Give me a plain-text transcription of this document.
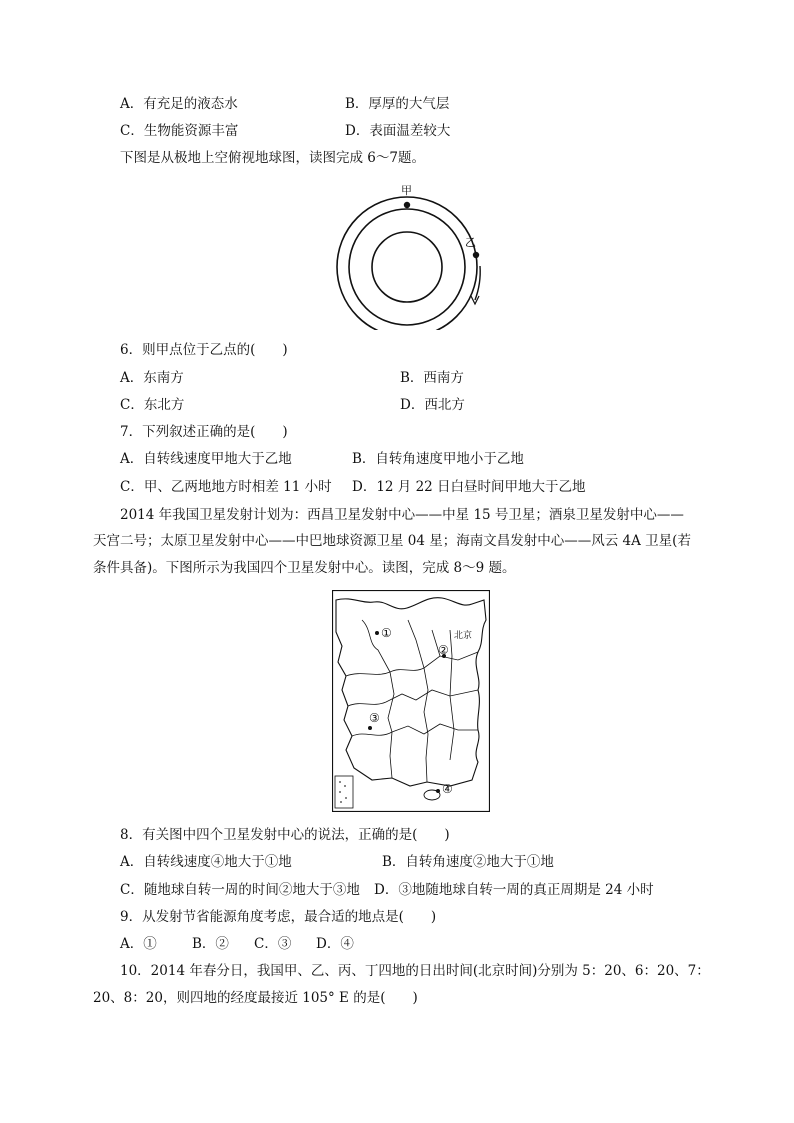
A．有充足的液态水	B．厚厚的大气层
C．生物能资源丰富	D．表面温差较大
下图是从极地上空俯视地球图，读图完成 6～7题。
甲
乙
6．则甲点位于乙点的(　　)
A．东南方	B．西南方
C．东北方	D．西北方
7．下列叙述正确的是(　　)
A．自转线速度甲地大于乙地	B．自转角速度甲地小于乙地
C．甲、乙两地地方时相差 11 小时 D．12 月 22 日白昼时间甲地大于乙地
2014 年我国卫星发射计划为：西昌卫星发射中心——中星 15 号卫星；酒泉卫星发射中心——
天宫二号；太原卫星发射中心——中巴地球资源卫星 04 星；海南文昌发射中心——风云 4A 卫星(若
条件具备)。下图所示为我国四个卫星发射中心。读图，完成 8～9 题。
①	北京
②
③
④
8．有关图中四个卫星发射中心的说法，正确的是(　　)
A．自转线速度④地大于①地	B．自转角速度②地大于①地
C．随地球自转一周的时间②地大于③地 D．③地随地球自转一周的真正周期是 24 小时
9．从发射节省能源角度考虑，最合适的地点是(　　)
A．①	B．② C．③ D．④
10．2014 年春分日，我国甲、乙、丙、丁四地的日出时间(北京时间)分别为 5：20、6：20、7：
20、8：20，则四地的经度最接近 105° E 的是(　　)
